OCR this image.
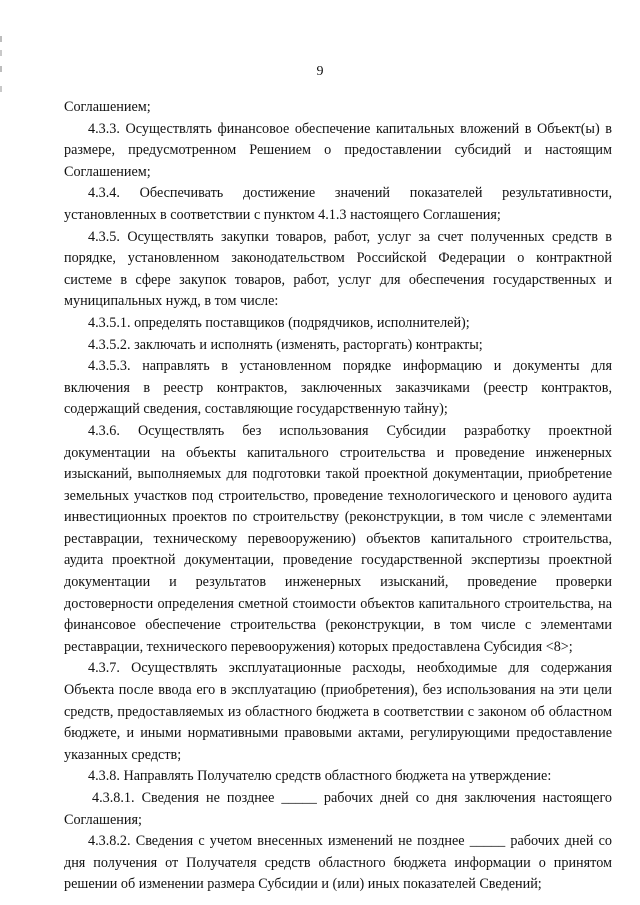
9

Соглашением;

4.3.3. Осуществлять финансовое обеспечение капитальных вложений в Объект(ы) в размере, предусмотренном Решением о предоставлении субсидий и настоящим Соглашением;

4.3.4. Обеспечивать достижение значений показателей результативности, установленных в соответствии с пунктом 4.1.3 настоящего Соглашения;

4.3.5. Осуществлять закупки товаров, работ, услуг за счет полученных средств в порядке, установленном законодательством Российской Федерации о контрактной системе в сфере закупок товаров, работ, услуг для обеспечения государственных и муниципальных нужд, в том числе:

4.3.5.1. определять поставщиков (подрядчиков, исполнителей);

4.3.5.2. заключать и исполнять (изменять, расторгать) контракты;

4.3.5.3. направлять в установленном порядке информацию и документы для включения в реестр контрактов, заключенных заказчиками (реестр контрактов, содержащий сведения, составляющие государственную тайну);

4.3.6. Осуществлять без использования Субсидии разработку проектной документации на объекты капитального строительства и проведение инженерных изысканий, выполняемых для подготовки такой проектной документации, приобретение земельных участков под строительство, проведение технологического и ценового аудита инвестиционных проектов по строительству (реконструкции, в том числе с элементами реставрации, техническому перевооружению) объектов капитального строительства, аудита проектной документации, проведение государственной экспертизы проектной документации и результатов инженерных изысканий, проведение проверки достоверности определения сметной стоимости объектов капитального строительства, на финансовое обеспечение строительства (реконструкции, в том числе с элементами реставрации, технического перевооружения) которых предоставлена Субсидия <8>;

4.3.7. Осуществлять эксплуатационные расходы, необходимые для содержания Объекта после ввода его в эксплуатацию (приобретения), без использования на эти цели средств, предоставляемых из областного бюджета в соответствии с законом об областном бюджете, и иными нормативными правовыми актами, регулирующими предоставление указанных средств;

4.3.8. Направлять Получателю средств областного бюджета на утверждение:

4.3.8.1. Сведения не позднее _____ рабочих дней со дня заключения настоящего Соглашения;

4.3.8.2. Сведения с учетом внесенных изменений не позднее _____ рабочих дней со дня получения от Получателя средств областного бюджета информации о принятом решении об изменении размера Субсидии и (или) иных показателей Сведений;
